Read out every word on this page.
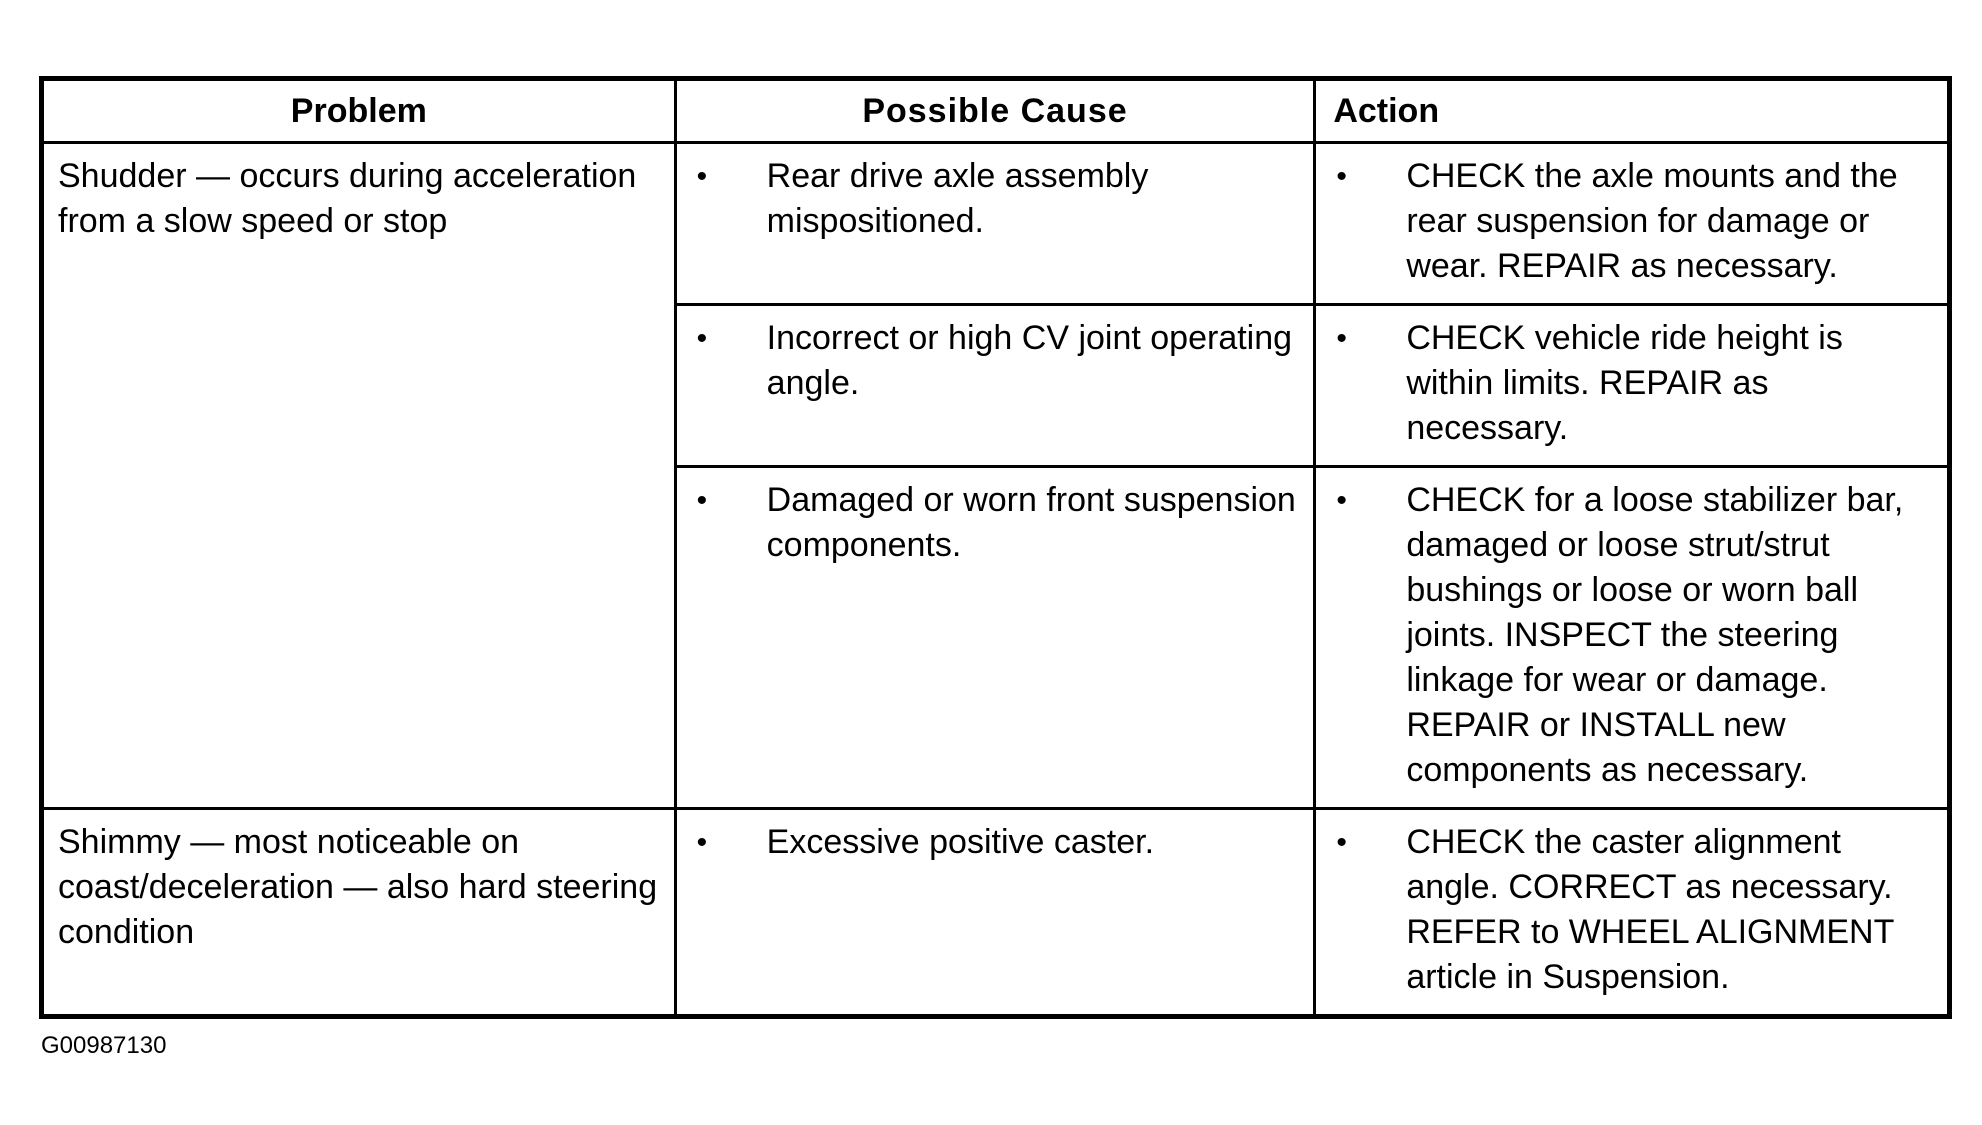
Problem	Possible Cause	Action

Shudder — occurs during acceleration from a slow speed or stop	• Rear drive axle assembly mispositioned.	• CHECK the axle mounts and the rear suspension for damage or wear. REPAIR as necessary.

	• Incorrect or high CV joint operating angle.	• CHECK vehicle ride height is within limits. REPAIR as necessary.

	• Damaged or worn front suspension components.	• CHECK for a loose stabilizer bar, damaged or loose strut/strut bushings or loose or worn ball joints. INSPECT the steering linkage for wear or damage. REPAIR or INSTALL new components as necessary.

Shimmy — most noticeable on coast/deceleration — also hard steering condition	• Excessive positive caster.	• CHECK the caster alignment angle. CORRECT as necessary. REFER to WHEEL ALIGNMENT article in Suspension.
G00987130
